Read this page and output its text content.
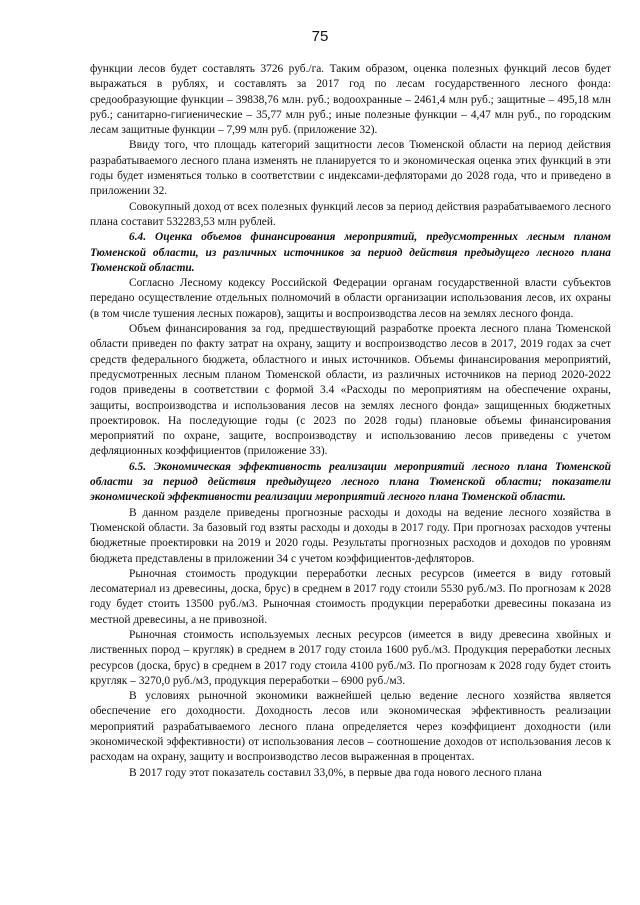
75

функции лесов будет составлять 3726 руб./га. Таким образом, оценка полезных функций лесов будет выражаться в рублях, и составлять за 2017 год по лесам государственного лесного фонда: средообразующие функции – 39838,76 млн. руб.; водоохранные – 2461,4 млн руб.; защитные – 495,18 млн руб.; санитарно-гигиенические – 35,77 млн руб.; иные полезные функции – 4,47 млн руб., по городским лесам защитные функции – 7,99 млн руб. (приложение 32).

Ввиду того, что площадь категорий защитности лесов Тюменской области на период действия разрабатываемого лесного плана изменять не планируется то и экономическая оценка этих функций в эти годы будет изменяться только в соответствии с индексами-дефляторами до 2028 года, что и приведено в приложении 32.

Совокупный доход от всех полезных функций лесов за период действия разрабатываемого лесного плана составит 532283,53 млн рублей.

6.4. Оценка объемов финансирования мероприятий, предусмотренных лесным планом Тюменской области, из различных источников за период действия предыдущего лесного плана Тюменской области.

Согласно Лесному кодексу Российской Федерации органам государственной власти субъектов передано осуществление отдельных полномочий в области организации использования лесов, их охраны (в том числе тушения лесных пожаров), защиты и воспроизводства лесов на землях лесного фонда.

Объем финансирования за год, предшествующий разработке проекта лесного плана Тюменской области приведен по факту затрат на охрану, защиту и воспроизводство лесов в 2017, 2019 годах за счет средств федерального бюджета, областного и иных источников. Объемы финансирования мероприятий, предусмотренных лесным планом Тюменской области, из различных источников на период 2020-2022 годов приведены в соответствии с формой 3.4 «Расходы по мероприятиям на обеспечение охраны, защиты, воспроизводства и использования лесов на землях лесного фонда» защищенных бюджетных проектировок. На последующие годы (с 2023 по 2028 годы) плановые объемы финансирования мероприятий по охране, защите, воспроизводству и использованию лесов приведены с учетом дефляционных коэффициентов (приложение 33).

6.5. Экономическая эффективность реализации мероприятий лесного плана Тюменской области за период действия предыдущего лесного плана Тюменской области; показатели экономической эффективности реализации мероприятий лесного плана Тюменской области.

В данном разделе приведены прогнозные расходы и доходы на ведение лесного хозяйства в Тюменской области. За базовый год взяты расходы и доходы в 2017 году. При прогнозах расходов учтены бюджетные проектировки на 2019 и 2020 годы. Результаты прогнозных расходов и доходов по уровням бюджета представлены в приложении 34 с учетом коэффициентов-дефляторов.

Рыночная стоимость продукции переработки лесных ресурсов (имеется в виду готовый лесоматериал из древесины, доска, брус) в среднем в 2017 году стоили 5530 руб./м3. По прогнозам к 2028 году будет стоить 13500 руб./м3. Рыночная стоимость продукции переработки древесины показана из местной древесины, а не привозной.

Рыночная стоимость используемых лесных ресурсов (имеется в виду древесина хвойных и лиственных пород – кругляк) в среднем в 2017 году стоила 1600 руб./м3. Продукция переработки лесных ресурсов (доска, брус) в среднем в 2017 году стоила 4100 руб./м3. По прогнозам к 2028 году будет стоить кругляк – 3270,0 руб./м3, продукция переработки – 6900 руб./м3.

В условиях рыночной экономики важнейшей целью ведение лесного хозяйства является обеспечение его доходности. Доходность лесов или экономическая эффективность реализации мероприятий разрабатываемого лесного плана определяется через коэффициент доходности (или экономической эффективности) от использования лесов – соотношение доходов от использования лесов к расходам на охрану, защиту и воспроизводство лесов выраженная в процентах.

В 2017 году этот показатель составил 33,0%, в первые два года нового лесного плана
